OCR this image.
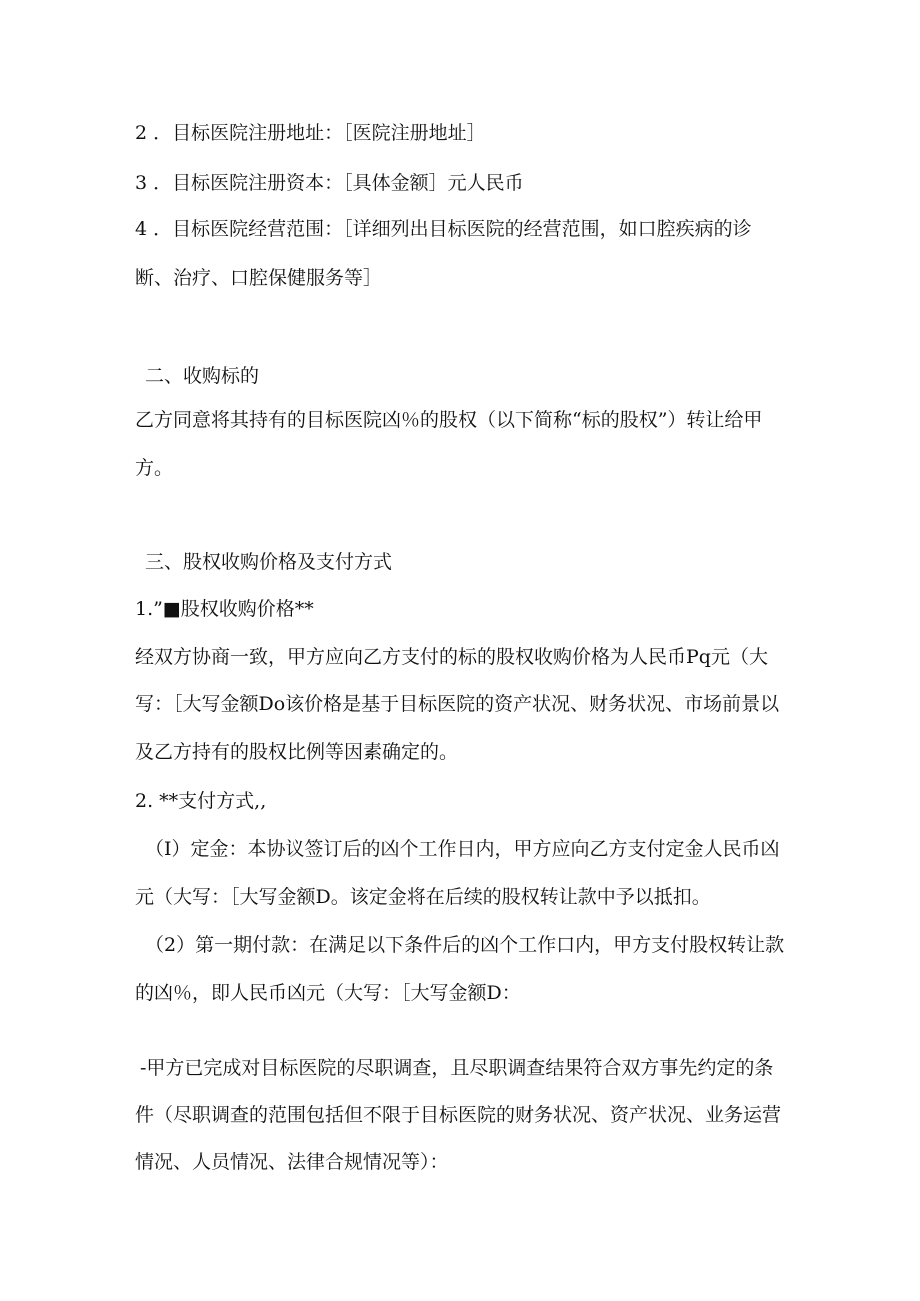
2 ．目标医院注册地址：［医院注册地址］
3 ．目标医院注册资本：［具体金额］元人民币
4 ．目标医院经营范围：［详细列出目标医院的经营范围，如口腔疾病的诊
断、治疗、口腔保健服务等］
二、收购标的
乙方同意将其持有的目标医院凶％的股权（以下简称“标的股权”）转让给甲
方。
三、股权收购价格及支付方式
1.”■股权收购价格**
经双方协商一致，甲方应向乙方支付的标的股权收购价格为人民币Pq元（大
写：［大写金额Do该价格是基于目标医院的资产状况、财务状况、市场前景以
及乙方持有的股权比例等因素确定的。
2. **支付方式,,
（I）定金：本协议签订后的凶个工作日内，甲方应向乙方支付定金人民币凶
元（大写：［大写金额D。该定金将在后续的股权转让款中予以抵扣。
（2）第一期付款：在满足以下条件后的凶个工作口内，甲方支付股权转让款
的凶％，即人民币凶元（大写：［大写金额D：
-甲方已完成对目标医院的尽职调查，且尽职调查结果符合双方事先约定的条
件（尽职调查的范围包括但不限于目标医院的财务状况、资产状况、业务运营
情况、人员情况、法律合规情况等）：
